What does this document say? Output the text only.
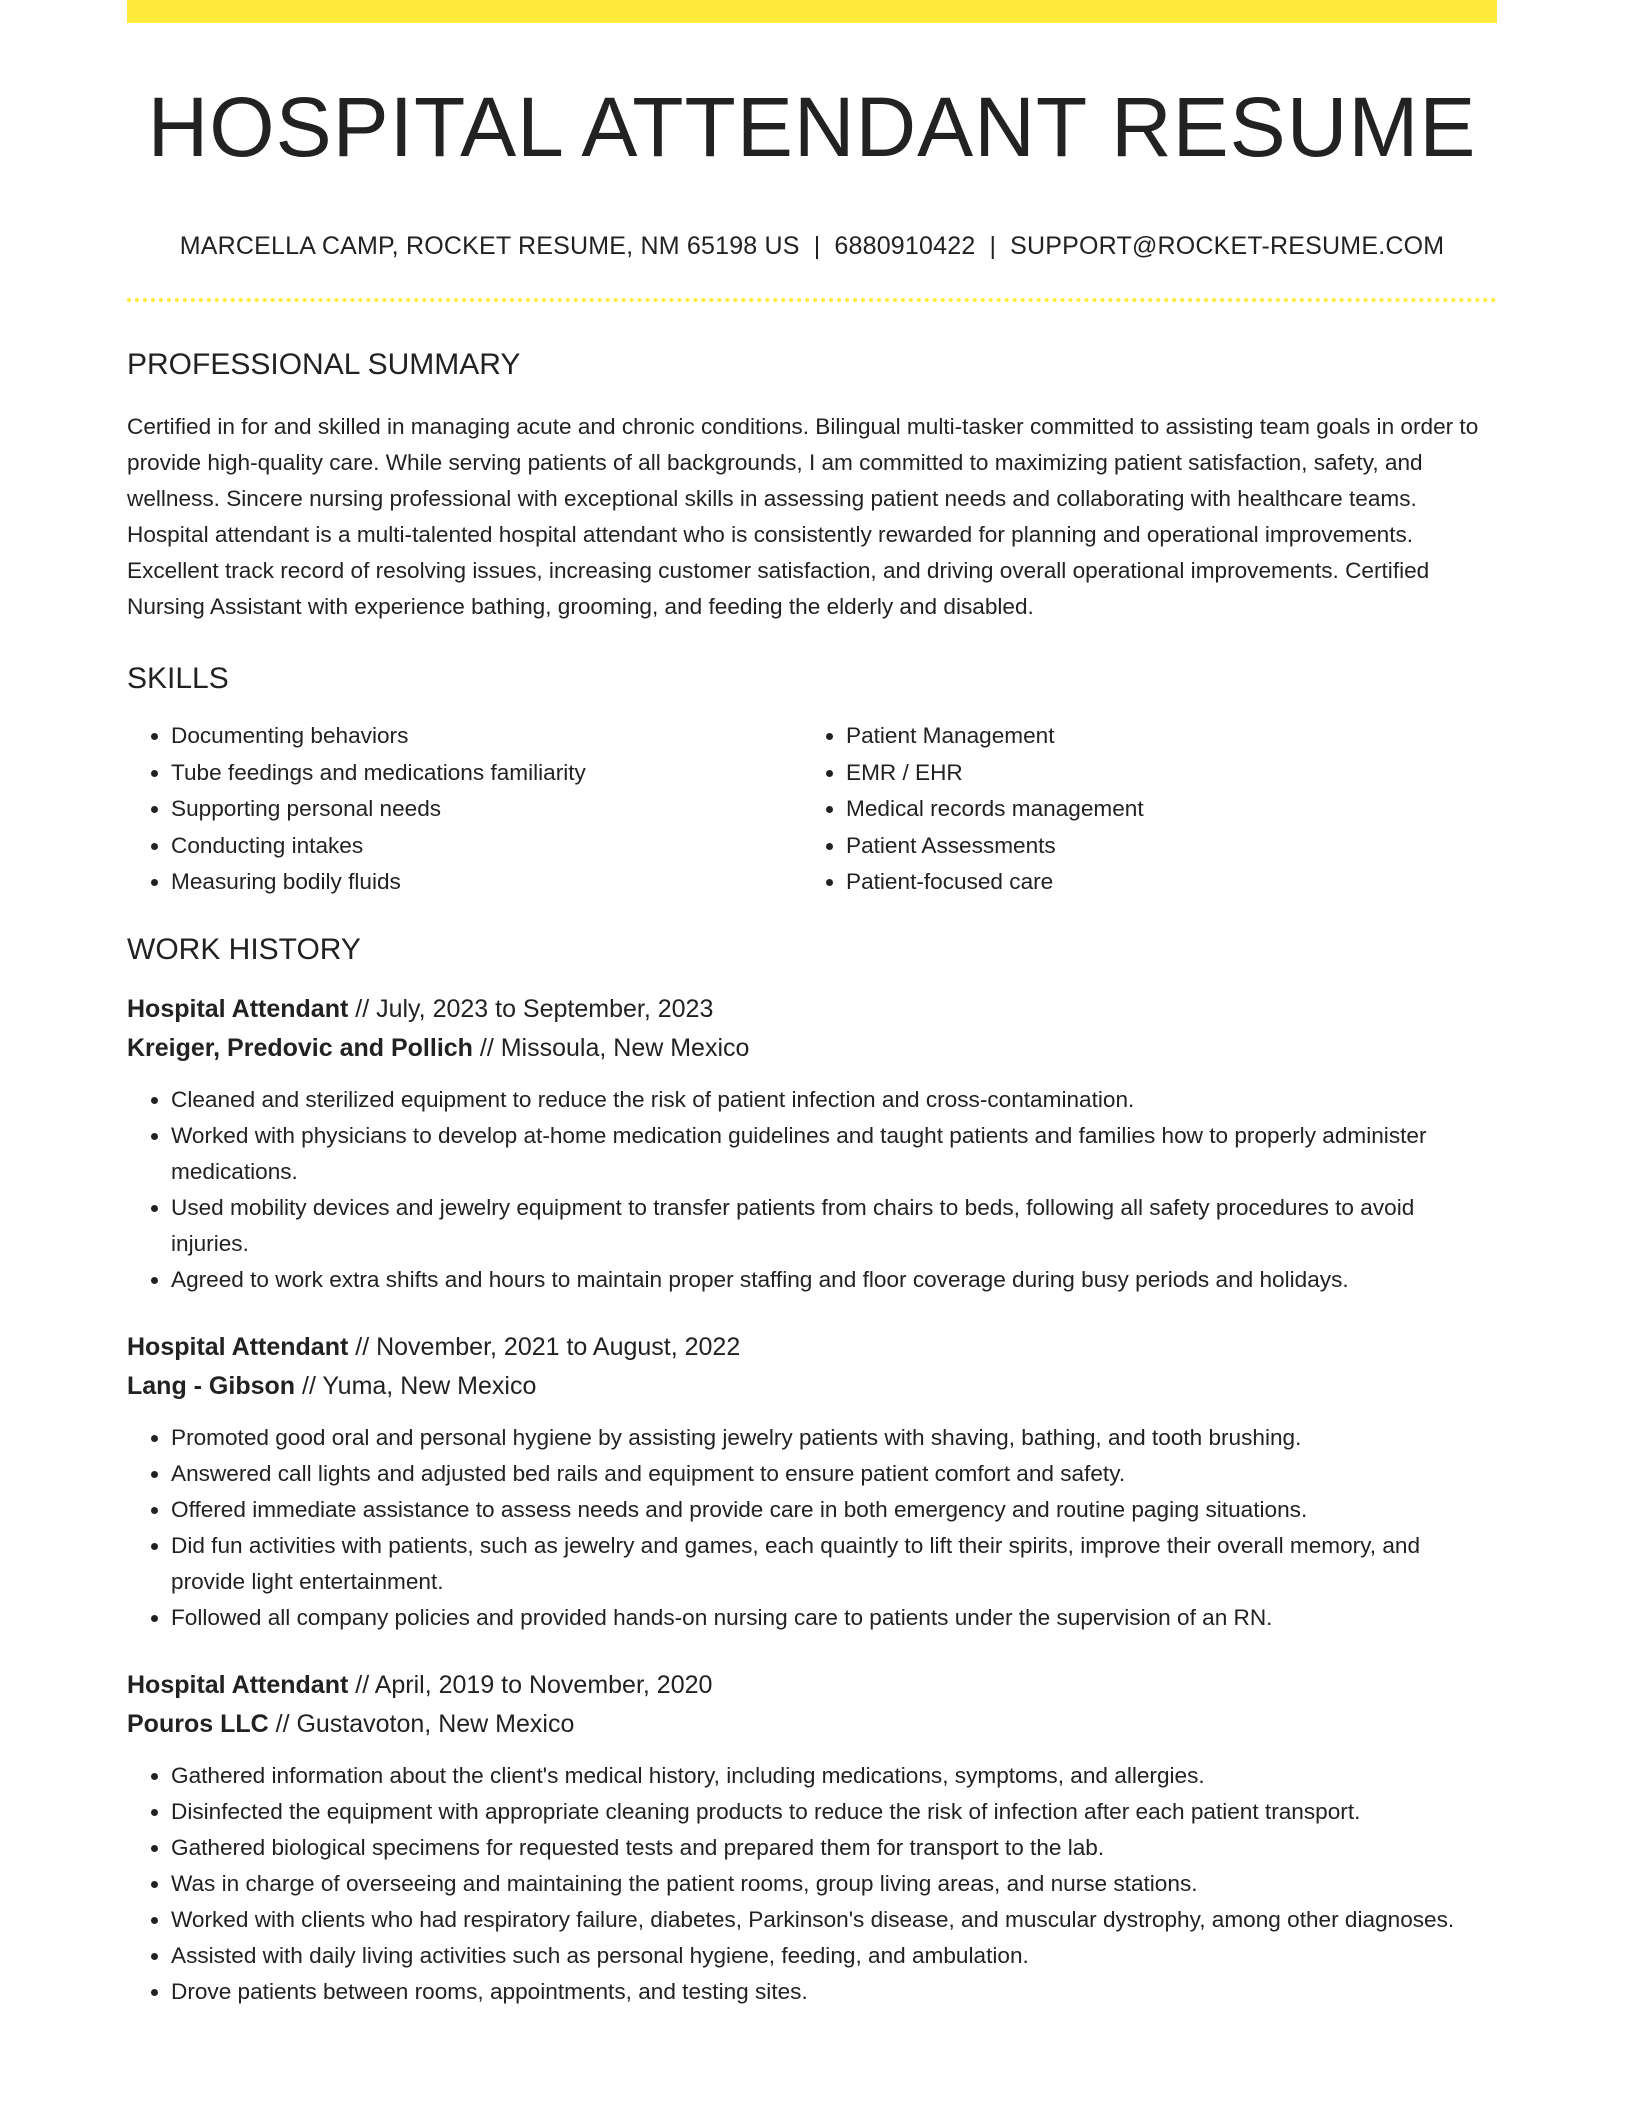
HOSPITAL ATTENDANT RESUME
MARCELLA CAMP, ROCKET RESUME, NM 65198 US | 6880910422 | SUPPORT@ROCKET-RESUME.COM
PROFESSIONAL SUMMARY
Certified in for and skilled in managing acute and chronic conditions. Bilingual multi-tasker committed to assisting team goals in order to provide high-quality care. While serving patients of all backgrounds, I am committed to maximizing patient satisfaction, safety, and wellness. Sincere nursing professional with exceptional skills in assessing patient needs and collaborating with healthcare teams. Hospital attendant is a multi-talented hospital attendant who is consistently rewarded for planning and operational improvements. Excellent track record of resolving issues, increasing customer satisfaction, and driving overall operational improvements. Certified Nursing Assistant with experience bathing, grooming, and feeding the elderly and disabled.
SKILLS
• Documenting behaviors
• Tube feedings and medications familiarity
• Supporting personal needs
• Conducting intakes
• Measuring bodily fluids
• Patient Management
• EMR / EHR
• Medical records management
• Patient Assessments
• Patient-focused care
WORK HISTORY
Hospital Attendant // July, 2023 to September, 2023
Kreiger, Predovic and Pollich // Missoula, New Mexico
• Cleaned and sterilized equipment to reduce the risk of patient infection and cross-contamination.
• Worked with physicians to develop at-home medication guidelines and taught patients and families how to properly administer medications.
• Used mobility devices and jewelry equipment to transfer patients from chairs to beds, following all safety procedures to avoid injuries.
• Agreed to work extra shifts and hours to maintain proper staffing and floor coverage during busy periods and holidays.
Hospital Attendant // November, 2021 to August, 2022
Lang - Gibson // Yuma, New Mexico
• Promoted good oral and personal hygiene by assisting jewelry patients with shaving, bathing, and tooth brushing.
• Answered call lights and adjusted bed rails and equipment to ensure patient comfort and safety.
• Offered immediate assistance to assess needs and provide care in both emergency and routine paging situations.
• Did fun activities with patients, such as jewelry and games, each quaintly to lift their spirits, improve their overall memory, and provide light entertainment.
• Followed all company policies and provided hands-on nursing care to patients under the supervision of an RN.
Hospital Attendant // April, 2019 to November, 2020
Pouros LLC // Gustavoton, New Mexico
• Gathered information about the client's medical history, including medications, symptoms, and allergies.
• Disinfected the equipment with appropriate cleaning products to reduce the risk of infection after each patient transport.
• Gathered biological specimens for requested tests and prepared them for transport to the lab.
• Was in charge of overseeing and maintaining the patient rooms, group living areas, and nurse stations.
• Worked with clients who had respiratory failure, diabetes, Parkinson's disease, and muscular dystrophy, among other diagnoses.
• Assisted with daily living activities such as personal hygiene, feeding, and ambulation.
• Drove patients between rooms, appointments, and testing sites.
